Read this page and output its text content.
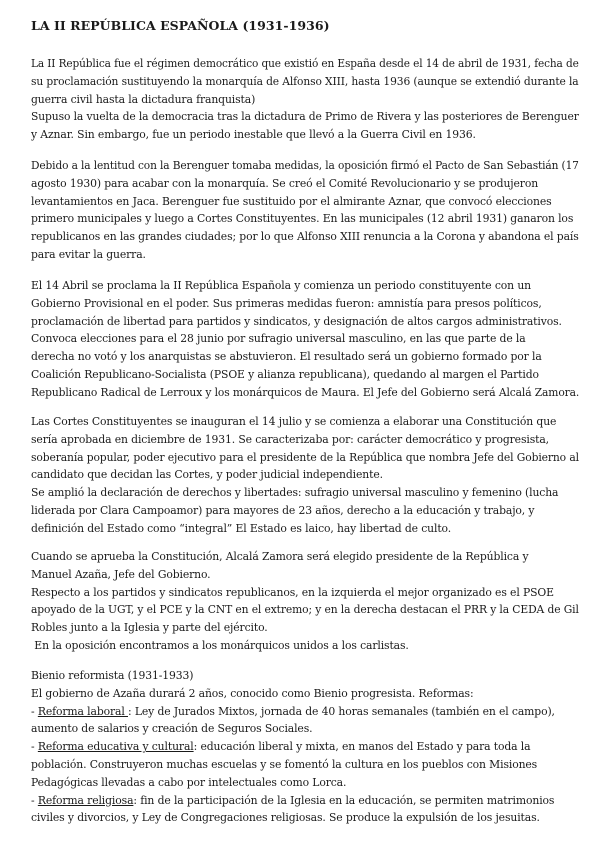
LA II REPÚBLICA ESPAÑOLA (1931-1936)
La II República fue el régimen democrático que existió en España desde el 14 de abril de 1931, fecha de
su proclamación sustituyendo la monarquía de Alfonso XIII, hasta 1936 (aunque se extendió durante la
guerra civil hasta la dictadura franquista)
Supuso la vuelta de la democracia tras la dictadura de Primo de Rivera y las posteriores de Berenguer
y Aznar. Sin embargo, fue un periodo inestable que llevó a la Guerra Civil en 1936.
Debido a la lentitud con la Berenguer tomaba medidas, la oposición firmó el Pacto de San Sebastián (17
agosto 1930) para acabar con la monarquía. Se creó el Comité Revolucionario y se produjeron
levantamientos en Jaca. Berenguer fue sustituido por el almirante Aznar, que convocó elecciones
primero municipales y luego a Cortes Constituyentes. En las municipales (12 abril 1931) ganaron los
republicanos en las grandes ciudades; por lo que Alfonso XIII renuncia a la Corona y abandona el país
para evitar la guerra.
El 14 Abril se proclama la II República Española y comienza un periodo constituyente con un
Gobierno Provisional en el poder. Sus primeras medidas fueron: amnistía para presos políticos,
proclamación de libertad para partidos y sindicatos, y designación de altos cargos administrativos.
Convoca elecciones para el 28 junio por sufragio universal masculino, en las que parte de la
derecha no votó y los anarquistas se abstuvieron. El resultado será un gobierno formado por la
Coalición Republicano-Socialista (PSOE y alianza republicana), quedando al margen el Partido
Republicano Radical de Lerroux y los monárquicos de Maura. El Jefe del Gobierno será Alcalá Zamora.
Las Cortes Constituyentes se inauguran el 14 julio y se comienza a elaborar una Constitución que
sería aprobada en diciembre de 1931. Se caracterizaba por: carácter democrático y progresista,
soberanía popular, poder ejecutivo para el presidente de la República que nombra Jefe del Gobierno al
candidato que decidan las Cortes, y poder judicial independiente.
Se amplió la declaración de derechos y libertades: sufragio universal masculino y femenino (lucha
liderada por Clara Campoamor) para mayores de 23 años, derecho a la educación y trabajo, y
definición del Estado como “integral” El Estado es laico, hay libertad de culto.
Cuando se aprueba la Constitución, Alcalá Zamora será elegido presidente de la República y
Manuel Azaña, Jefe del Gobierno.
Respecto a los partidos y sindicatos republicanos, en la izquierda el mejor organizado es el PSOE
apoyado de la UGT, y el PCE y la CNT en el extremo; y en la derecha destacan el PRR y la CEDA de Gil
Robles junto a la Iglesia y parte del ejército.
En la oposición encontramos a los monárquicos unidos a los carlistas.
Bienio reformista (1931-1933)
El gobierno de Azaña durará 2 años, conocido como Bienio progresista. Reformas:
- Reforma laboral : Ley de Jurados Mixtos, jornada de 40 horas semanales (también en el campo),
aumento de salarios y creación de Seguros Sociales.
- Reforma educativa y cultural: educación liberal y mixta, en manos del Estado y para toda la
población. Construyeron muchas escuelas y se fomentó la cultura en los pueblos con Misiones
Pedagógicas llevadas a cabo por intelectuales como Lorca.
- Reforma religiosa: fin de la participación de la Iglesia en la educación, se permiten matrimonios
civiles y divorcios, y Ley de Congregaciones religiosas. Se produce la expulsión de los jesuitas.
